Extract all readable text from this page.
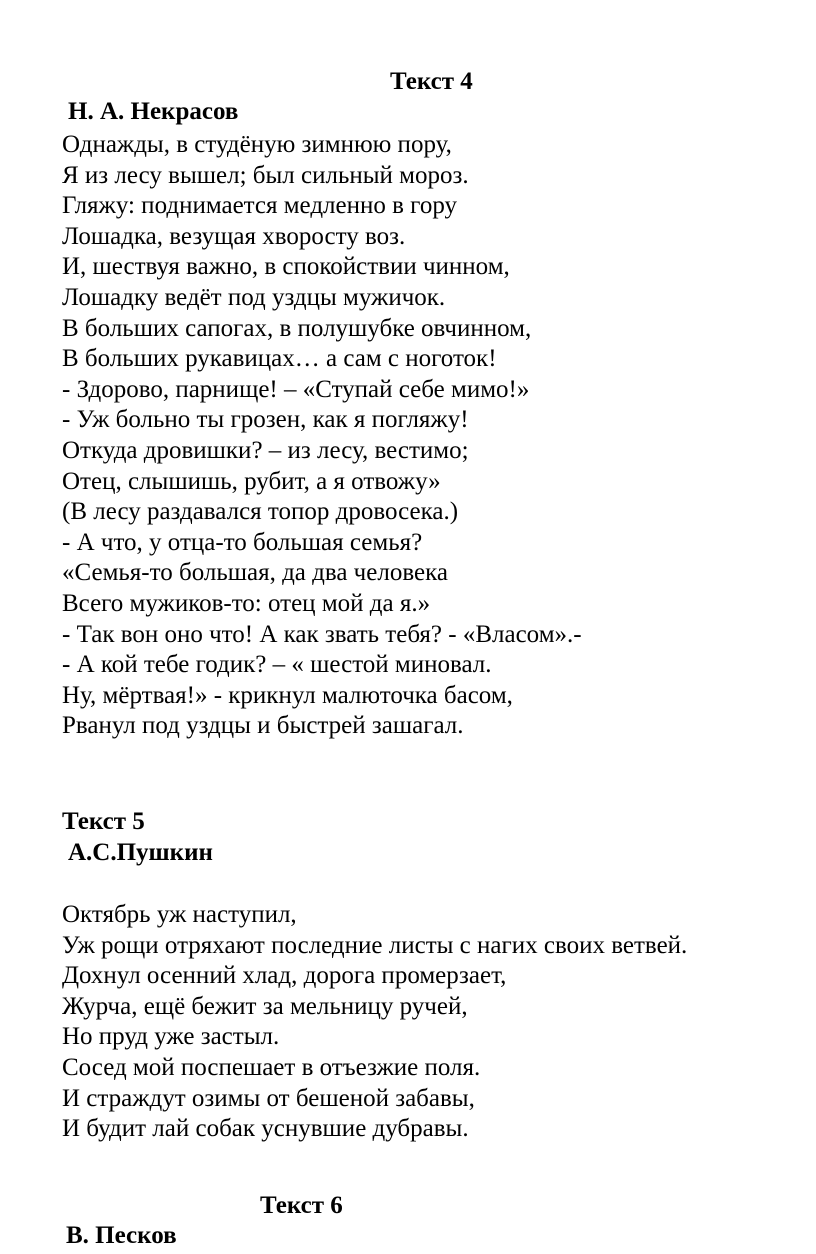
Текст 4
Н. А. Некрасов
Однажды, в студёную зимнюю пору,
Я из лесу вышел; был сильный мороз.
Гляжу: поднимается медленно в гору
Лошадка, везущая хворосту воз.
И, шествуя важно, в спокойствии чинном,
Лошадку ведёт под уздцы мужичок.
В больших сапогах, в полушубке овчинном,
В больших рукавицах… а сам с ноготок!
- Здорово, парнище! – «Ступай себе мимо!»
- Уж больно ты грозен, как я погляжу!
Откуда дровишки? – из лесу, вестимо;
Отец, слышишь, рубит, а я отвожу»
(В лесу раздавался топор дровосека.)
- А что, у отца-то большая семья?
«Семья-то большая, да два человека
Всего мужиков-то: отец мой да я.»
- Так вон оно что! А как звать тебя? - «Власом».-
- А кой тебе годик? – « шестой миновал.
Ну, мёртвая!» - крикнул малюточка басом,
Рванул под уздцы и быстрей зашагал.
Текст 5
А.С.Пушкин
Октябрь уж наступил,
Уж рощи отряхают последние листы с нагих своих ветвей.
Дохнул осенний хлад, дорога промерзает,
Журча, ещё бежит за мельницу ручей,
Но пруд уже застыл.
Сосед мой поспешает в отъезжие поля.
И страждут озимы от бешеной забавы,
И будит лай собак уснувшие дубравы.
Текст 6
В. Песков
